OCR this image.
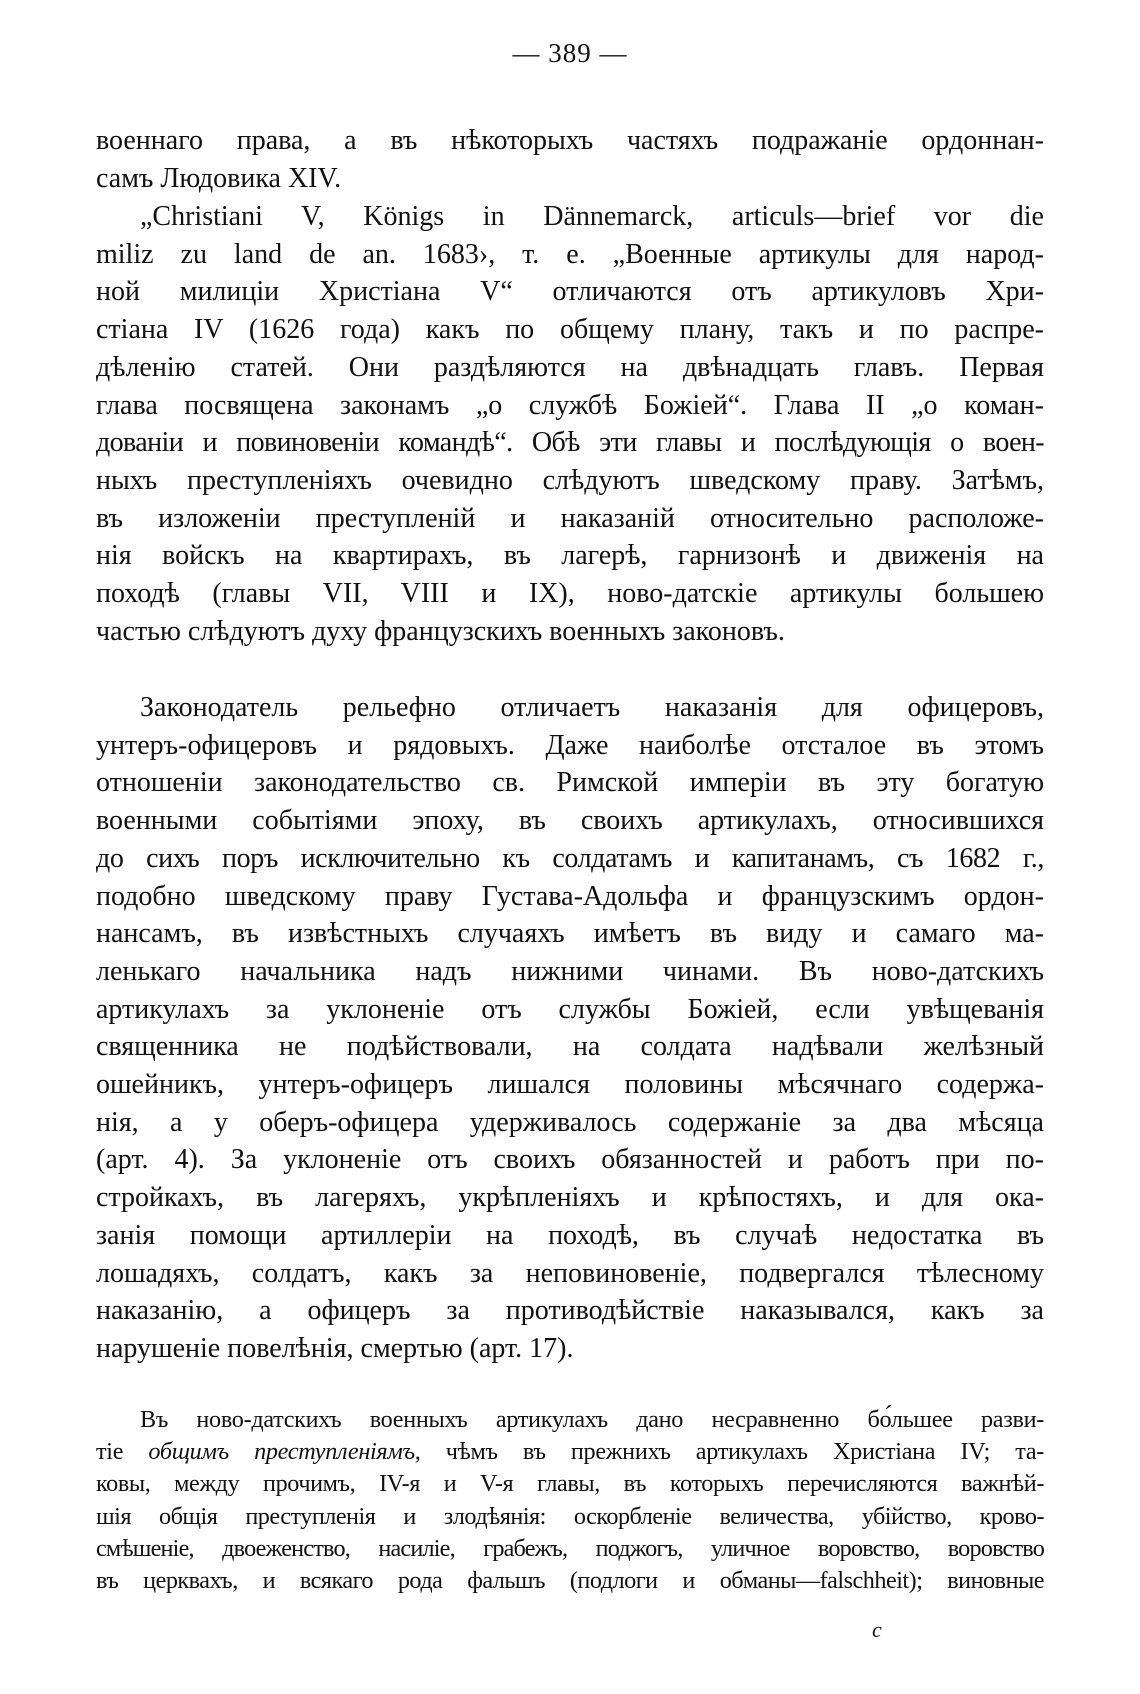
— 389 —
военнаго права, а въ нѣкоторыхъ частяхъ подражаніе ордоннан-
самъ Людовика XIV.
„Christiani V, Königs in Dännemarck, articuls—brief vor die
miliz zu land de an. 1683›, т. е. „Военные артикулы для народ-
ной милиціи Христіана V“ отличаются отъ артикуловъ Хри-
стіана IV (1626 года) какъ по общему плану, такъ и по распре-
дѣленію статей. Они раздѣляются на двѣнадцать главъ. Первая
глава посвящена законамъ „о службѣ Божіей“. Глава II „о коман-
дованіи и повиновеніи командѣ“. Обѣ эти главы и послѣдующія о воен-
ныхъ преступленіяхъ очевидно слѣдуютъ шведскому праву. Затѣмъ,
въ изложеніи преступленій и наказаній относительно расположе-
нія войскъ на квартирахъ, въ лагерѣ, гарнизонѣ и движенія на
походѣ (главы VII, VIII и IX), ново-датскіе артикулы большею
частью слѣдуютъ духу французскихъ военныхъ законовъ.
Законодатель рельефно отличаетъ наказанія для офицеровъ,
унтеръ-офицеровъ и рядовыхъ. Даже наиболѣе отсталое въ этомъ
отношеніи законодательство св. Римской имперіи въ эту богатую
военными событіями эпоху, въ своихъ артикулахъ, относившихся
до сихъ поръ исключительно къ солдатамъ и капитанамъ, съ 1682 г.,
подобно шведскому праву Густава-Адольфа и французскимъ ордон-
нансамъ, въ извѣстныхъ случаяхъ имѣетъ въ виду и самаго ма-
ленькаго начальника надъ нижними чинами. Въ ново-датскихъ
артикулахъ за уклоненіе отъ службы Божіей, если увѣщеванія
священника не подѣйствовали, на солдата надѣвали желѣзный
ошейникъ, унтеръ-офицеръ лишался половины мѣсячнаго содержа-
нія, а у оберъ-офицера удерживалось содержаніе за два мѣсяца
(арт. 4). За уклоненіе отъ своихъ обязанностей и работъ при по-
стройкахъ, въ лагеряхъ, укрѣпленіяхъ и крѣпостяхъ, и для ока-
занія помощи артиллеріи на походѣ, въ случаѣ недостатка въ
лошадяхъ, солдатъ, какъ за неповиновеніе, подвергался тѣлесному
наказанію, а офицеръ за противодѣйствіе наказывался, какъ за
нарушеніе повелѣнія, смертью (арт. 17).
Въ ново-датскихъ военныхъ артикулахъ дано несравненно бо́льшее разви-
тіе общимъ преступленіямъ, чѣмъ въ прежнихъ артикулахъ Христіана IV; та-
ковы, между прочимъ, IV-я и V-я главы, въ которыхъ перечисляются важнѣй-
шія общія преступленія и злодѣянія: оскорбленіе величества, убійство, крово-
смѣшеніе, двоеженство, насиліе, грабежъ, поджогъ, уличное воровство, воровство
въ церквахъ, и всякаго рода фальшъ (подлоги и обманы—falschheit); виновные
c
